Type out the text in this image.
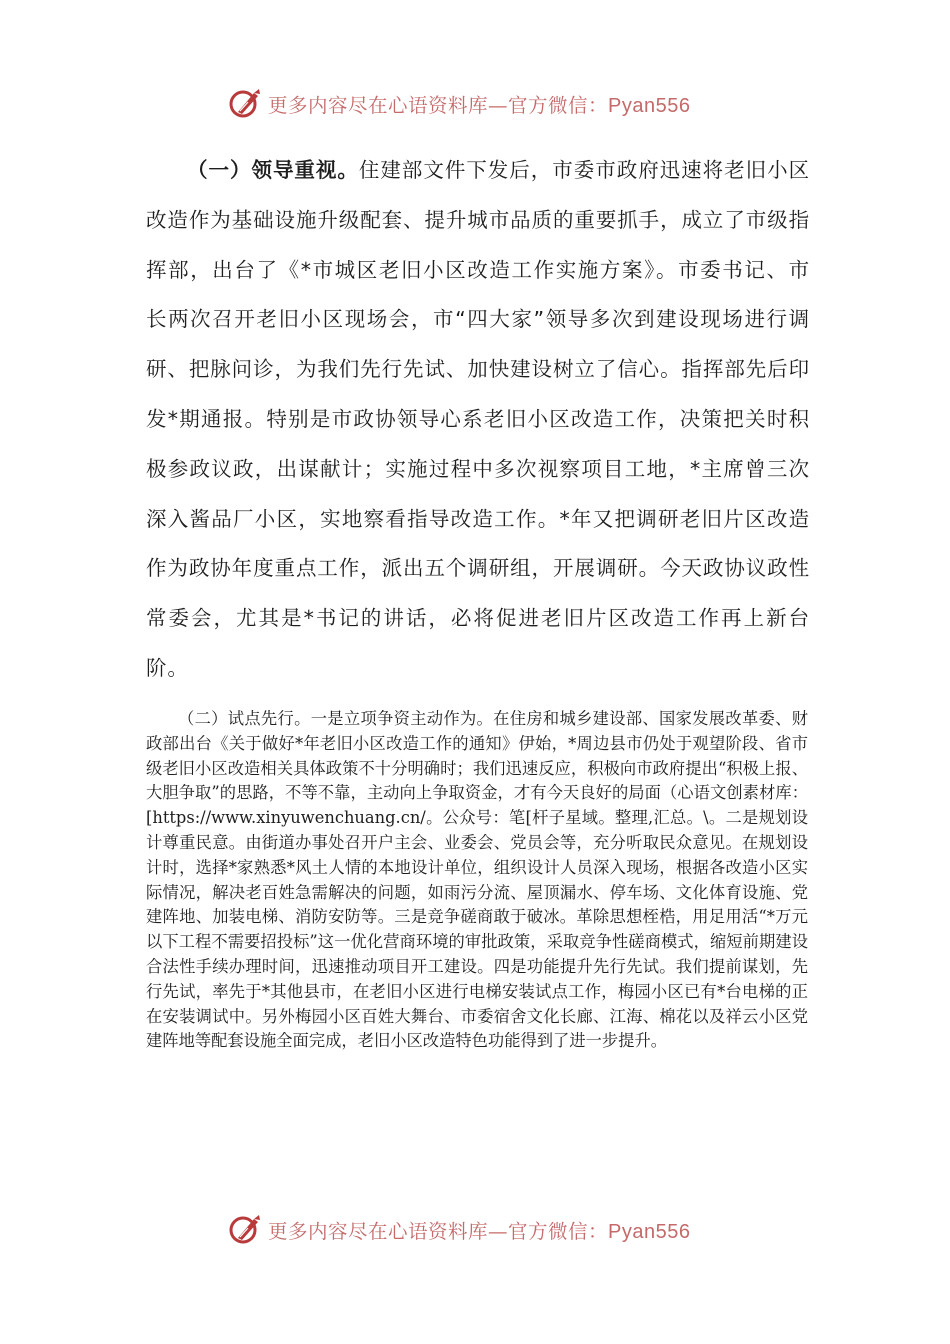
更多内容尽在心语资料库—官方微信：Pyan556

（一）领导重视。住建部文件下发后，市委市政府迅速将老旧小区改造作为基础设施升级配套、提升城市品质的重要抓手，成立了市级指挥部，出台了《*市城区老旧小区改造工作实施方案》。市委书记、市长两次召开老旧小区现场会，市“四大家”领导多次到建设现场进行调研、把脉问诊，为我们先行先试、加快建设树立了信心。指挥部先后印发*期通报。特别是市政协领导心系老旧小区改造工作，决策把关时积极参政议政，出谋献计；实施过程中多次视察项目工地，*主席曾三次深入酱品厂小区，实地察看指导改造工作。*年又把调研老旧片区改造作为政协年度重点工作，派出五个调研组，开展调研。今天政协议政性常委会，尤其是*书记的讲话，必将促进老旧片区改造工作再上新台阶。

（二）试点先行。一是立项争资主动作为。在住房和城乡建设部、国家发展改革委、财政部出台《关于做好*年老旧小区改造工作的通知》伊始，*周边县市仍处于观望阶段、省市级老旧小区改造相关具体政策不十分明确时；我们迅速反应，积极向市政府提出“积极上报、大胆争取”的思路，不等不靠，主动向上争取资金，才有今天良好的局面（心语文创素材库：[https://www.xinyuwenchuang.cn/。公众号：笔[杆子星域。整理,汇总。\。二是规划设计尊重民意。由街道办事处召开户主会、业委会、党员会等，充分听取民众意见。在规划设计时，选择*家熟悉*风土人情的本地设计单位，组织设计人员深入现场，根据各改造小区实际情况，解决老百姓急需解决的问题，如雨污分流、屋顶漏水、停车场、文化体育设施、党建阵地、加装电梯、消防安防等。三是竞争磋商敢于破冰。革除思想桎梏，用足用活“*万元以下工程不需要招投标”这一优化营商环境的审批政策，采取竞争性磋商模式，缩短前期建设合法性手续办理时间，迅速推动项目开工建设。四是功能提升先行先试。我们提前谋划，先行先试，率先于*其他县市，在老旧小区进行电梯安装试点工作，梅园小区已有*台电梯的正在安装调试中。另外梅园小区百姓大舞台、市委宿舍文化长廊、江海、棉花以及祥云小区党建阵地等配套设施全面完成，老旧小区改造特色功能得到了进一步提升。

更多内容尽在心语资料库—官方微信：Pyan556
